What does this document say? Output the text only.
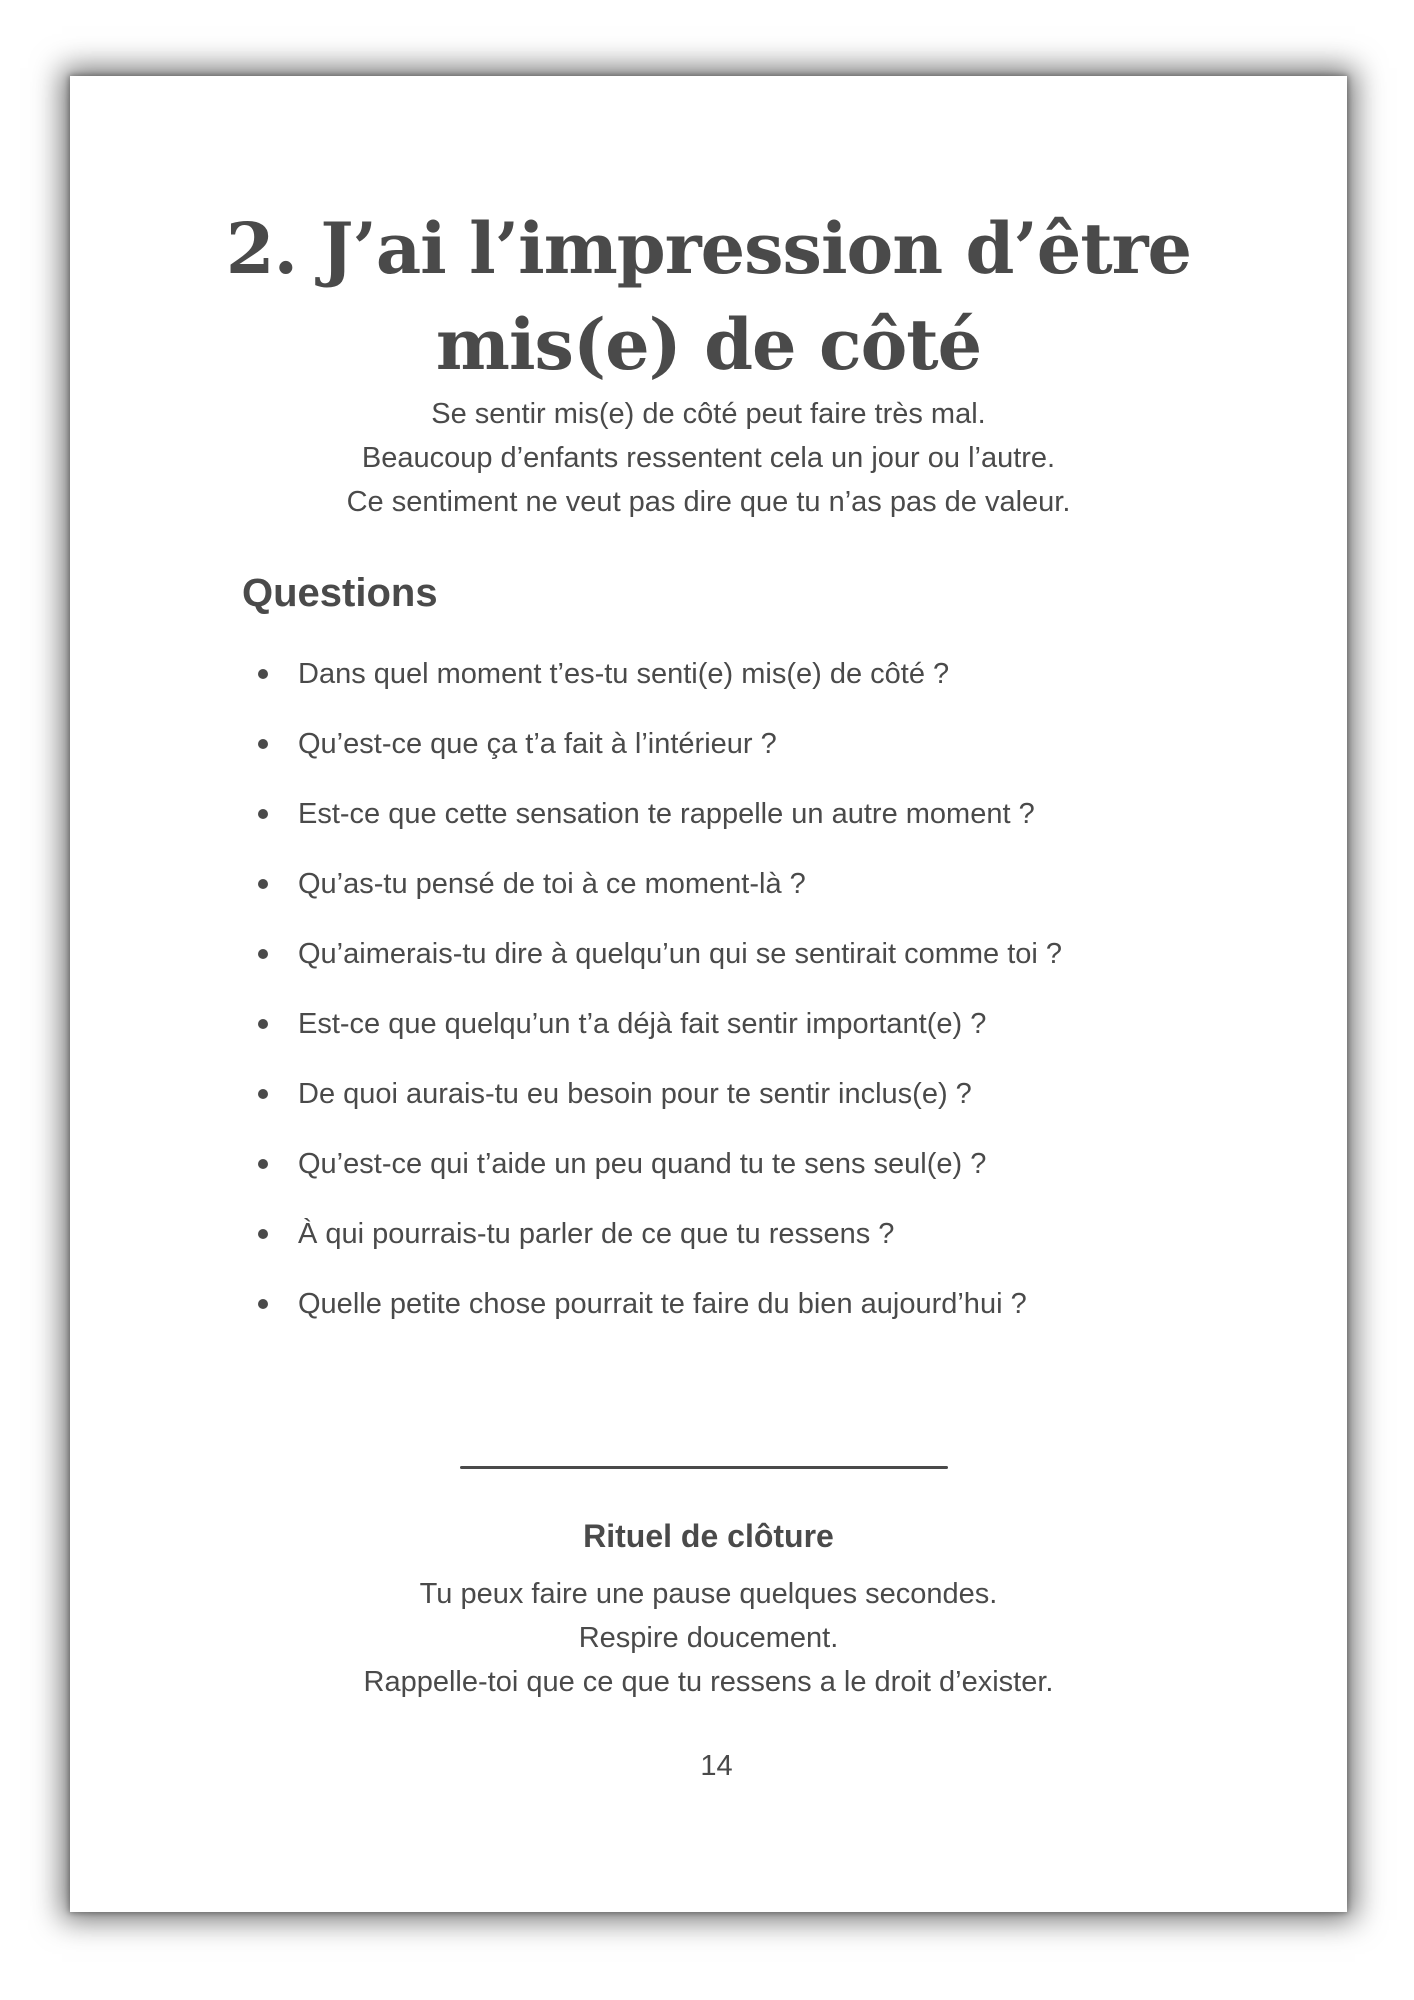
2. J’ai l’impression d’être
mis(e) de côté
Se sentir mis(e) de côté peut faire très mal.
Beaucoup d’enfants ressentent cela un jour ou l’autre.
Ce sentiment ne veut pas dire que tu n’as pas de valeur.
Questions
Dans quel moment t’es-tu senti(e) mis(e) de côté ?
Qu’est-ce que ça t’a fait à l’intérieur ?
Est-ce que cette sensation te rappelle un autre moment ?
Qu’as-tu pensé de toi à ce moment-là ?
Qu’aimerais-tu dire à quelqu’un qui se sentirait comme toi ?
Est-ce que quelqu’un t’a déjà fait sentir important(e) ?
De quoi aurais-tu eu besoin pour te sentir inclus(e) ?
Qu’est-ce qui t’aide un peu quand tu te sens seul(e) ?
À qui pourrais-tu parler de ce que tu ressens ?
Quelle petite chose pourrait te faire du bien aujourd’hui ?
Rituel de clôture
Tu peux faire une pause quelques secondes.
Respire doucement.
Rappelle-toi que ce que tu ressens a le droit d’exister.
14
